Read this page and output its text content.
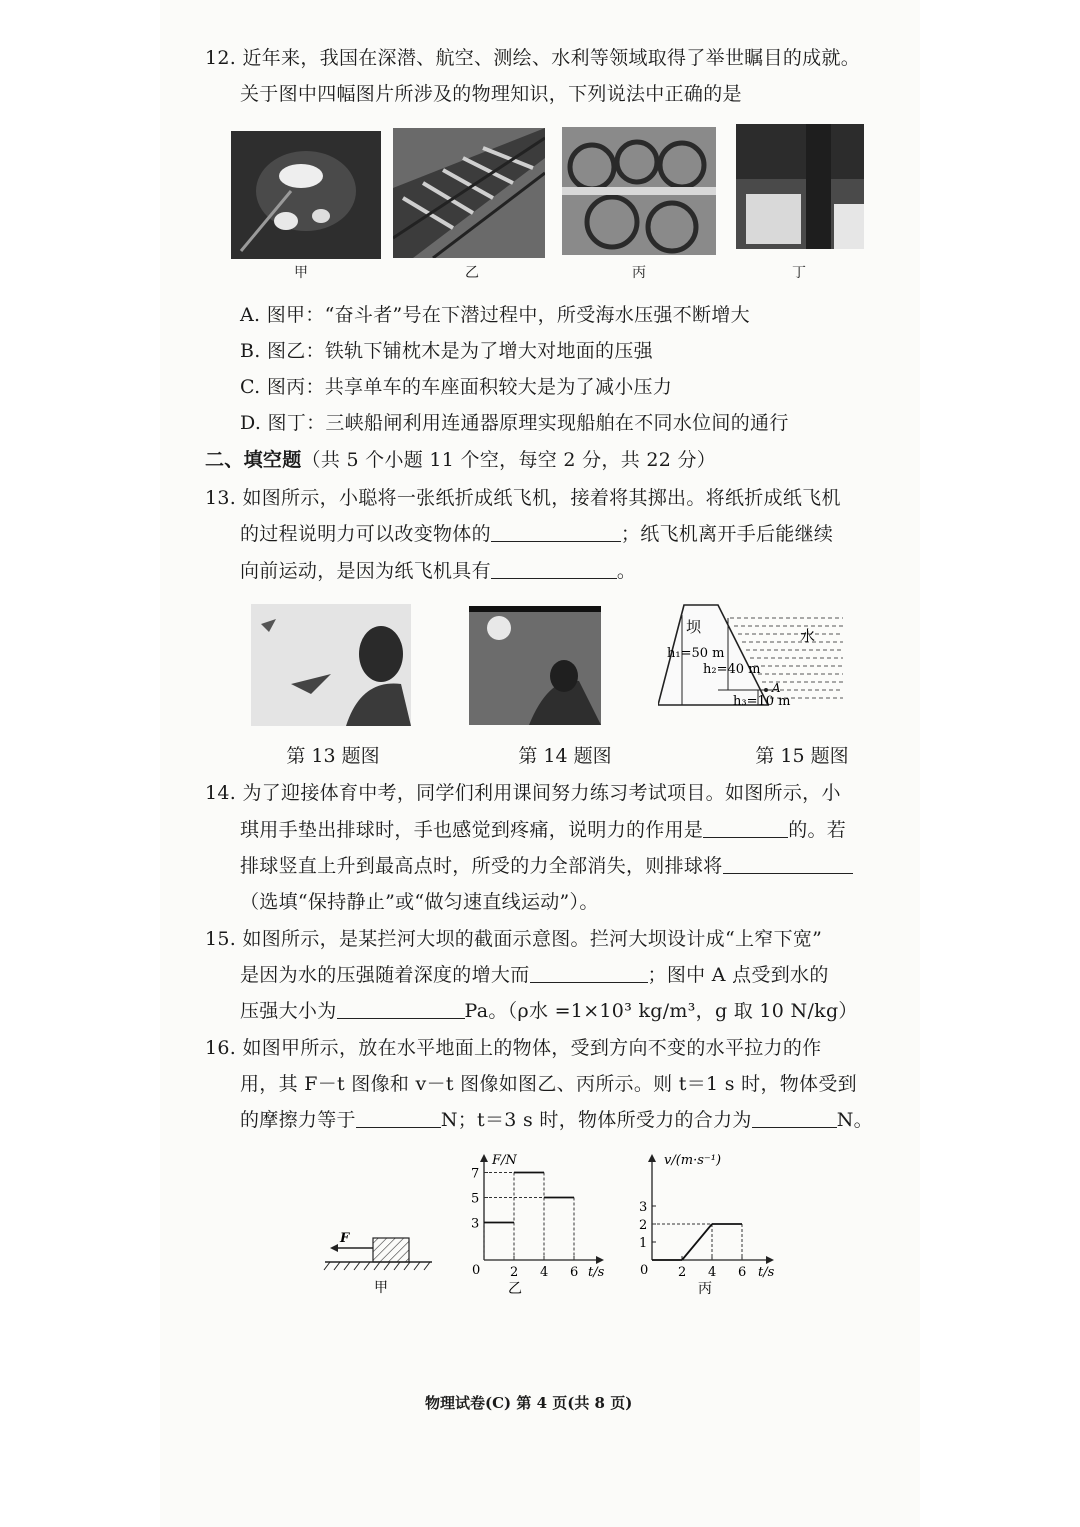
12. 近年来，我国在深潜、航空、测绘、水利等领域取得了举世瞩目的成就。
关于图中四幅图片所涉及的物理知识，下列说法中正确的是
甲	乙	丙	丁
A. 图甲：“奋斗者”号在下潜过程中，所受海水压强不断增大
B. 图乙：铁轨下铺枕木是为了增大对地面的压强
C. 图丙：共享单车的车座面积较大是为了减小压力
D. 图丁：三峡船闸利用连通器原理实现船舶在不同水位间的通行
二、填空题（共 5 个小题 11 个空，每空 2 分，共 22 分）
13. 如图所示，小聪将一张纸折成纸飞机，接着将其掷出。将纸折成纸飞机
的过程说明力可以改变物体的	；纸飞机离开手后能继续
向前运动，是因为纸飞机具有	。
坝	水
h₁=50 m
h₂=40 m
h₃=10 m
A
第 13 题图	第 14 题图	第 15 题图
14. 为了迎接体育中考，同学们利用课间努力练习考试项目。如图所示，小
琪用手垫出排球时，手也感觉到疼痛，说明力的作用是	的。若
排球竖直上升到最高点时，所受的力全部消失，则排球将
（选填“保持静止”或“做匀速直线运动”）。
15. 如图所示，是某拦河大坝的截面示意图。拦河大坝设计成“上窄下宽”
是因为水的压强随着深度的增大而	；图中 A 点受到水的
压强大小为	Pa。（ρ水 =1×10³ kg/m³，g 取 10 N/kg）
16. 如图甲所示，放在水平地面上的物体，受到方向不变的水平拉力的作
用，其 F－t 图像和 v－t 图像如图乙、丙所示。则 t＝1 s 时，物体受到
的摩擦力等于	N；t＝3 s 时，物体所受力的合力为	N。
F
甲
F/N
t/s
0 2 4 6
3
5
7
乙
v/(m·s⁻¹)
t/s
0 2 4 6
1
2
3
丙
物理试卷(C) 第 4 页(共 8 页)
